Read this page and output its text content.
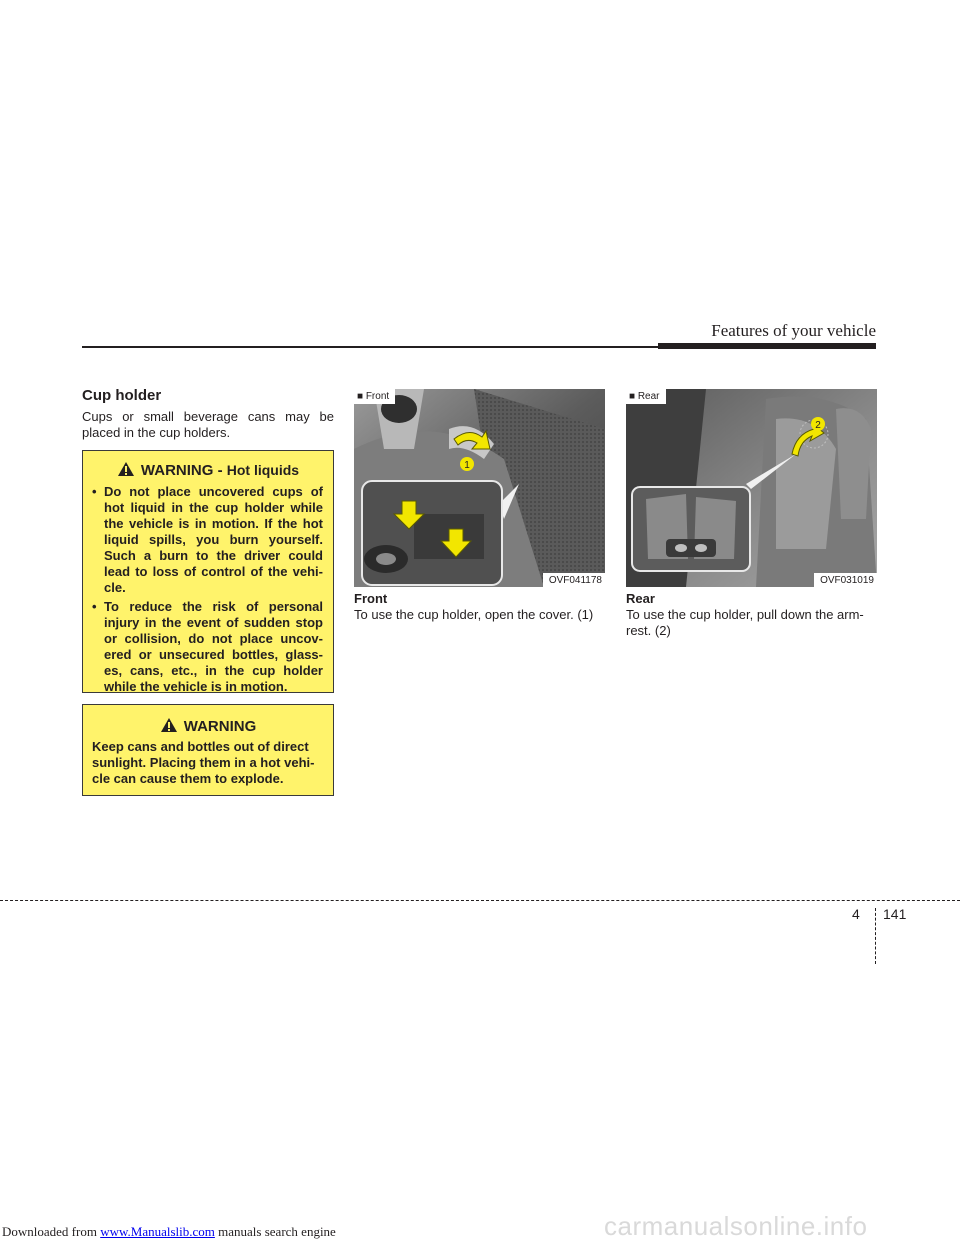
Features of your vehicle
Cup holder
Cups or small beverage cans may be placed in the cup holders.
WARNING - Hot liquids
• Do not place uncovered cups of hot liquid in the cup holder while the vehicle is in motion. If the hot liquid spills, you burn yourself. Such a burn to the driver could lead to loss of control of the vehi-cle.
• To reduce the risk of personal injury in the event of sudden stop or collision, do not place uncov-ered or unsecured bottles, glass-es, cans, etc., in the cup holder while the vehicle is in motion.
WARNING
Keep cans and bottles out of direct sunlight. Placing them in a hot vehi-cle can cause them to explode.
1
■ Front
OVF041178
2
■ Rear
OVF031019
Front
To use the cup holder, open the cover. (1)
Rear
To use the cup holder, pull down the arm-rest. (2)
4 141
carmanualsonline.info
Downloaded from www.Manualslib.com manuals search engine
